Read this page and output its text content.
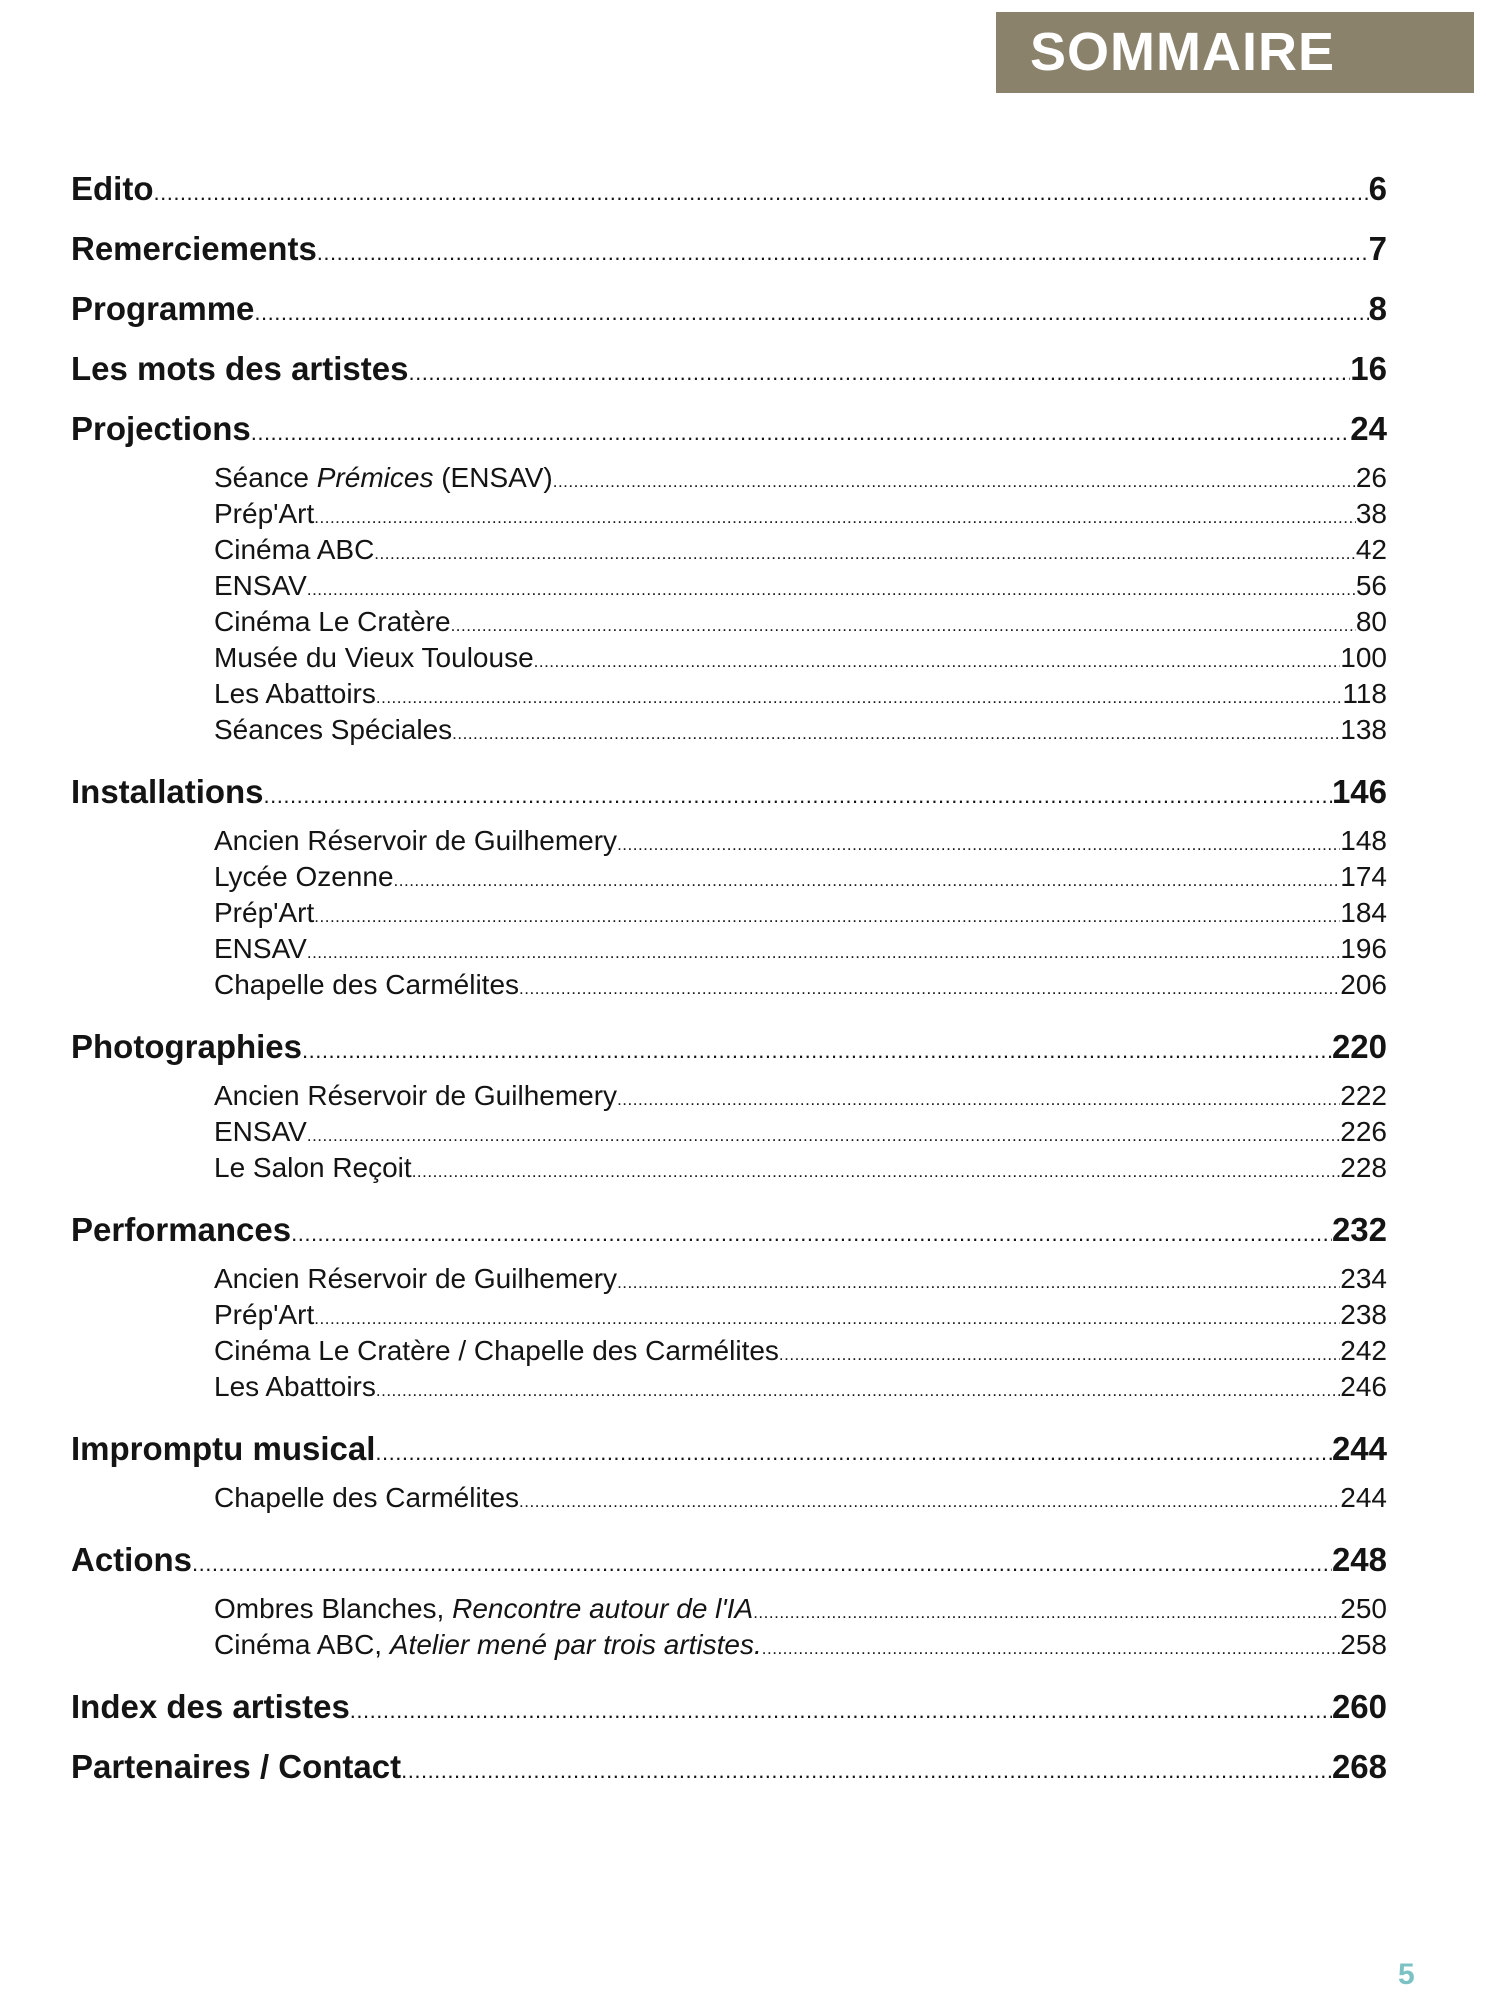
SOMMAIRE
Edito .....	6
Remerciements .....	7
Programme .....	8
Les mots des artistes .....	16
Projections .....	24
Séance Prémices (ENSAV) .....	26
Prép'Art .....	38
Cinéma ABC .....	42
ENSAV .....	56
Cinéma Le Cratère .....	80
Musée du Vieux Toulouse .....	100
Les Abattoirs .....	118
Séances Spéciales .....	138
Installations .....	146
Ancien Réservoir de Guilhemery .....	148
Lycée Ozenne .....	174
Prép'Art .....	184
ENSAV .....	196
Chapelle des Carmélites .....	206
Photographies .....	220
Ancien Réservoir de Guilhemery .....	222
ENSAV .....	226
Le Salon Reçoit .....	228
Performances .....	232
Ancien Réservoir de Guilhemery .....	234
Prép'Art .....	238
Cinéma Le Cratère / Chapelle des Carmélites .....	242
Les Abattoirs .....	246
Impromptu musical .....	244
Chapelle des Carmélites .....	244
Actions .....	248
Ombres Blanches, Rencontre autour de l'IA .....	250
Cinéma ABC, Atelier mené par trois artistes. .....	258
Index des artistes .....	260
Partenaires / Contact .....	268
5
